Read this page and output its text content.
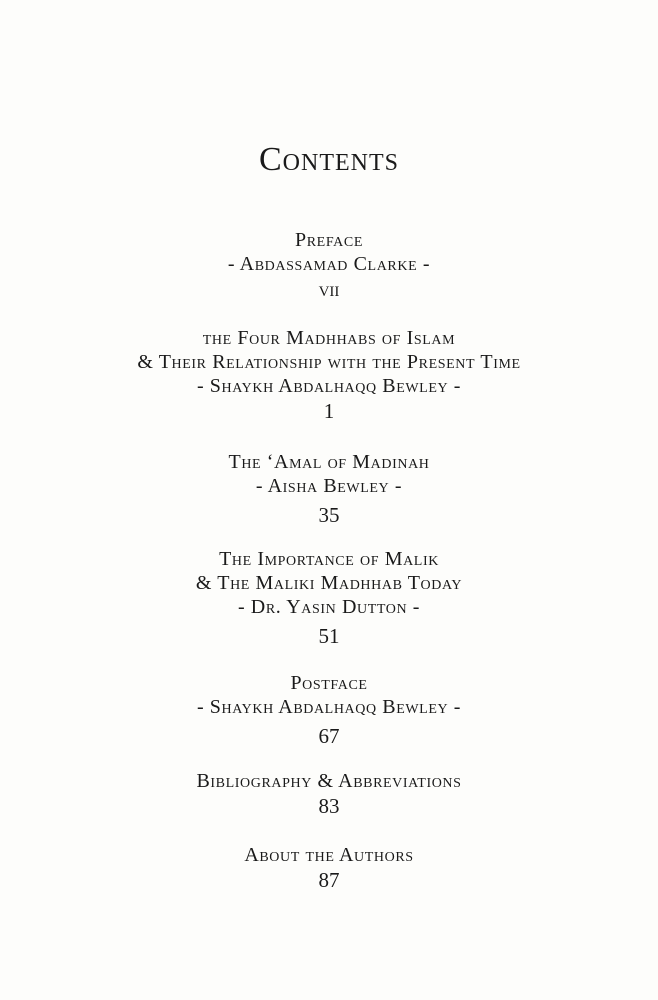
Contents
Preface
- Abdassamad Clarke -
vii
the Four Madhhabs of Islam
& Their Relationship with the Present Time
- Shaykh Abdalhaqq Bewley -
1
The ‘Amal of Madinah
- Aisha Bewley -
35
The Importance of Malik
& The Maliki Madhhab Today
- Dr. Yasin Dutton -
51
Postface
- Shaykh Abdalhaqq Bewley -
67
Bibliography & Abbreviations
83
About the Authors
87
